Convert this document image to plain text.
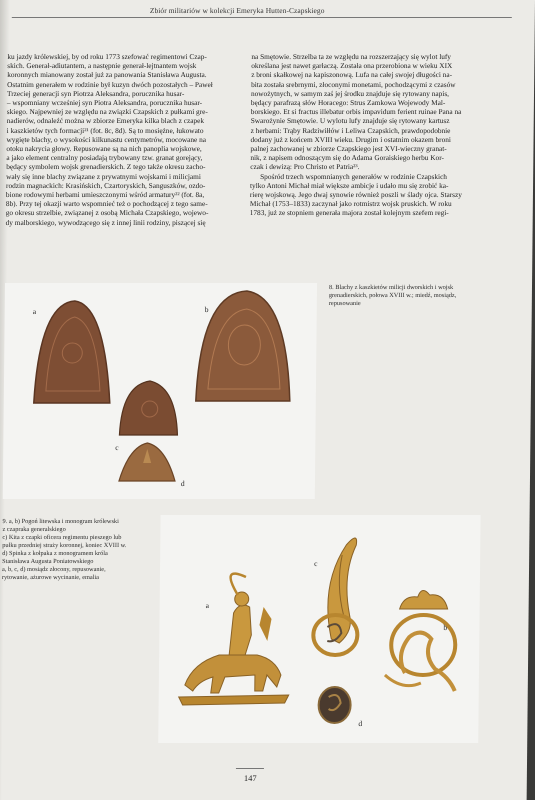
Zbiór militariów w kolekcji Emeryka Hutten-Czapskiego
ku jazdy królewskiej, by od roku 1773 szefować regimentowi Czap-
skich. Generał-adiutantem, a następnie generał-lejtnantem wojsk
koronnych mianowany został już za panowania Stanisława Augusta.
Ostatnim generałem w rodzinie był kuzyn dwóch pozostałych – Paweł
Trzeciej generacji syn Piotrza Aleksandra, porucznika husar-
– wspomniany wcześniej syn Piotra Aleksandra, porucznika husar-
skiego. Najpewniej ze względu na związki Czapskich z pułkami gre-
nadierów, odnaleźć można w zbiorze Emeryka kilka blach z czapek
i kaszkietów tych formacji²¹ (fot. 8c, 8d). Są to mosiężne, łukowato
wygięte blachy, o wysokości kilkunastu centymetrów, mocowane na
otoku nakrycia głowy. Repusowane są na nich panoplia wojskowe,
a jako element centralny posiadają trybowany tzw. granat gorejący,
będący symbolem wojsk grenadierskich. Z tego także okresu zacho-
wały się inne blachy związane z prywatnymi wojskami i milicjami
rodzin magnackich: Krasińskich, Czartoryskich, Sanguszków, ozdo-
bione rodowymi herbami umieszczonymi wśród armatury²² (fot. 8a,
8b). Przy tej okazji warto wspomnieć też o pochodzącej z tego same-
go okresu strzelbie, związanej z osobą Michała Czapskiego, wojewo-
dy malborskiego, wywodzącego się z innej linii rodziny, piszącej się
na Smętowie. Strzelba ta ze względu na rozszerzający się wylot lufy
określana jest nawet garłaczą. Została ona przerobiona w wieku XIX
z broni skałkowej na kapiszonową. Lufa na całej swojej długości na-
bita została srebrnymi, złoconymi monetami, pochodzącymi z czasów
nowożytnych, w samym zaś jej środku znajduje się rytowany napis,
będący parafrazą słów Horacego: Strus Zamkowa Wojewody Mal-
borskiego. Et si fractus illebatur orbis impavidum ferient ruinae Pana na
Swarożynie Smętowie. U wylotu lufy znajduje się rytowany kartusz
z herbami: Trąby Radziwiłłów i Leliwa Czapskich, prawdopodobnie
dodany już z końcem XVIII wieku. Drugim i ostatnim okazem broni
palnej zachowanej w zbiorze Czapskiego jest XVI-wieczny granat-
nik, z napisem odnoszącym się do Adama Goraiskiego herbu Kor-
czak i dewizą: Pro Christo et Patria²³.
Spośród trzech wspomnianych generałów w rodzinie Czapskich
tylko Antoni Michał miał większe ambicje i udało mu się zrobić ka-
rierę wojskową. Jego dwaj synowie również poszli w ślady ojca. Starszy
Michał (1753–1833) zaczynał jako rotmistrz wojsk pruskich. W roku
1783, już ze stopniem generała majora został kolejnym szefem regi-
a	b
c
d
8. Blachy z kaszkietów milicji dworskich i wojsk grenadierskich, połowa XVIII w.; miedź, mosiądz, repusowanie
a
b
c
d
9. a, b) Pogoń litewska i monogram królewski
z czapraka generalskiego
c) Kita z czapki oficera regimentu pieszego lub
pułku przedniej straży koronnej, koniec XVIII w.
d) Spinka z kołpaka z monogramem króla
Stanisława Augusta Poniatowskiego
a, b, c, d) mosiądz złocony, repusowanie,
rytowanie, ażurowe wycinanie, emalia
147
